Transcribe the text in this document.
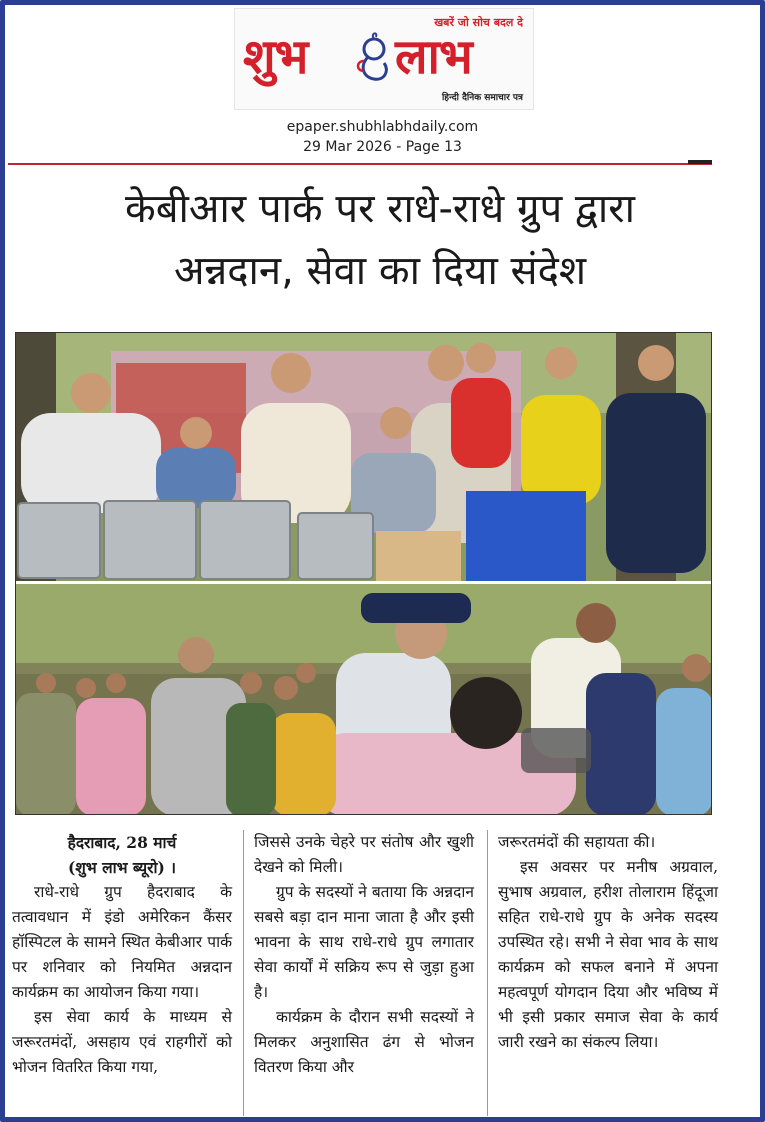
खबरें जो सोच बदल दे
शुभ लाभ
हिन्दी दैनिक समाचार पत्र
epaper.shubhlabhdaily.com
29 Mar 2026 - Page 13
केबीआर पार्क पर राधे-राधे ग्रुप द्वारा
अन्नदान, सेवा का दिया संदेश

हैदराबाद, 28 मार्च
(शुभ लाभ ब्यूरो) ।

राधे-राधे ग्रुप हैदराबाद के तत्वावधान में इंडो अमेरिकन कैंसर हॉस्पिटल के सामने स्थित केबीआर पार्क पर शनिवार को नियमित अन्नदान कार्यक्रम का आयोजन किया गया।

इस सेवा कार्य के माध्यम से जरूरतमंदों, असहाय एवं राहगीरों को भोजन वितरित किया गया,

जिससे उनके चेहरे पर संतोष और खुशी देखने को मिली।

ग्रुप के सदस्यों ने बताया कि अन्नदान सबसे बड़ा दान माना जाता है और इसी भावना के साथ राधे-राधे ग्रुप लगातार सेवा कार्यों में सक्रिय रूप से जुड़ा हुआ है।

कार्यक्रम के दौरान सभी सदस्यों ने मिलकर अनुशासित ढंग से भोजन वितरण किया और

जरूरतमंदों की सहायता की।

इस अवसर पर मनीष अग्रवाल, सुभाष अग्रवाल, हरीश तोलाराम हिंदूजा सहित राधे-राधे ग्रुप के अनेक सदस्य उपस्थित रहे। सभी ने सेवा भाव के साथ कार्यक्रम को सफल बनाने में अपना महत्वपूर्ण योगदान दिया और भविष्य में भी इसी प्रकार समाज सेवा के कार्य जारी रखने का संकल्प लिया।
